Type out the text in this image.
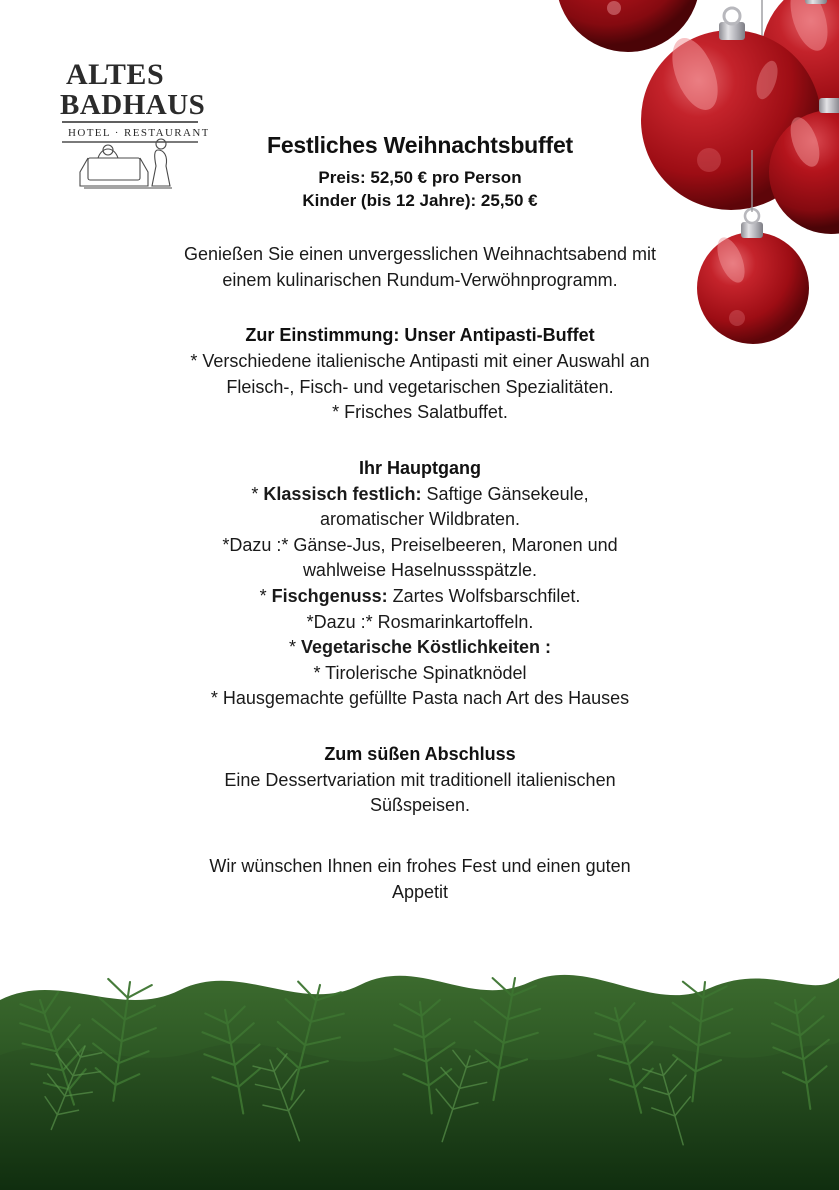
ALTES
BADHAUS
HOTEL · RESTAURANT	Festliches Weihnachtsbuffet

Preis: 52,50 € pro Person

Kinder (bis 12 Jahre): 25,50 €

Genießen Sie einen unvergesslichen Weihnachtsabend mit
einem kulinarischen Rundum-Verwöhnprogramm.
Zur Einstimmung: Unser Antipasti-Buffet

* Verschiedene italienische Antipasti mit einer Auswahl an

Fleisch-, Fisch- und vegetarischen Spezialitäten.

* Frisches Salatbuffet.

Ihr Hauptgang

* Klassisch festlich: Saftige Gänsekeule,

aromatischer Wildbraten.

*Dazu :* Gänse-Jus, Preiselbeeren, Maronen und

wahlweise Haselnussspätzle.

* Fischgenuss: Zartes Wolfsbarschfilet.

*Dazu :* Rosmarinkartoffeln.

* Vegetarische Köstlichkeiten :

* Tirolerische Spinatknödel

* Hausgemachte gefüllte Pasta nach Art des Hauses

Zum süßen Abschluss

Eine Dessertvariation mit traditionell italienischen

Süßspeisen.

Wir wünschen Ihnen ein frohes Fest und einen guten
Appetit
